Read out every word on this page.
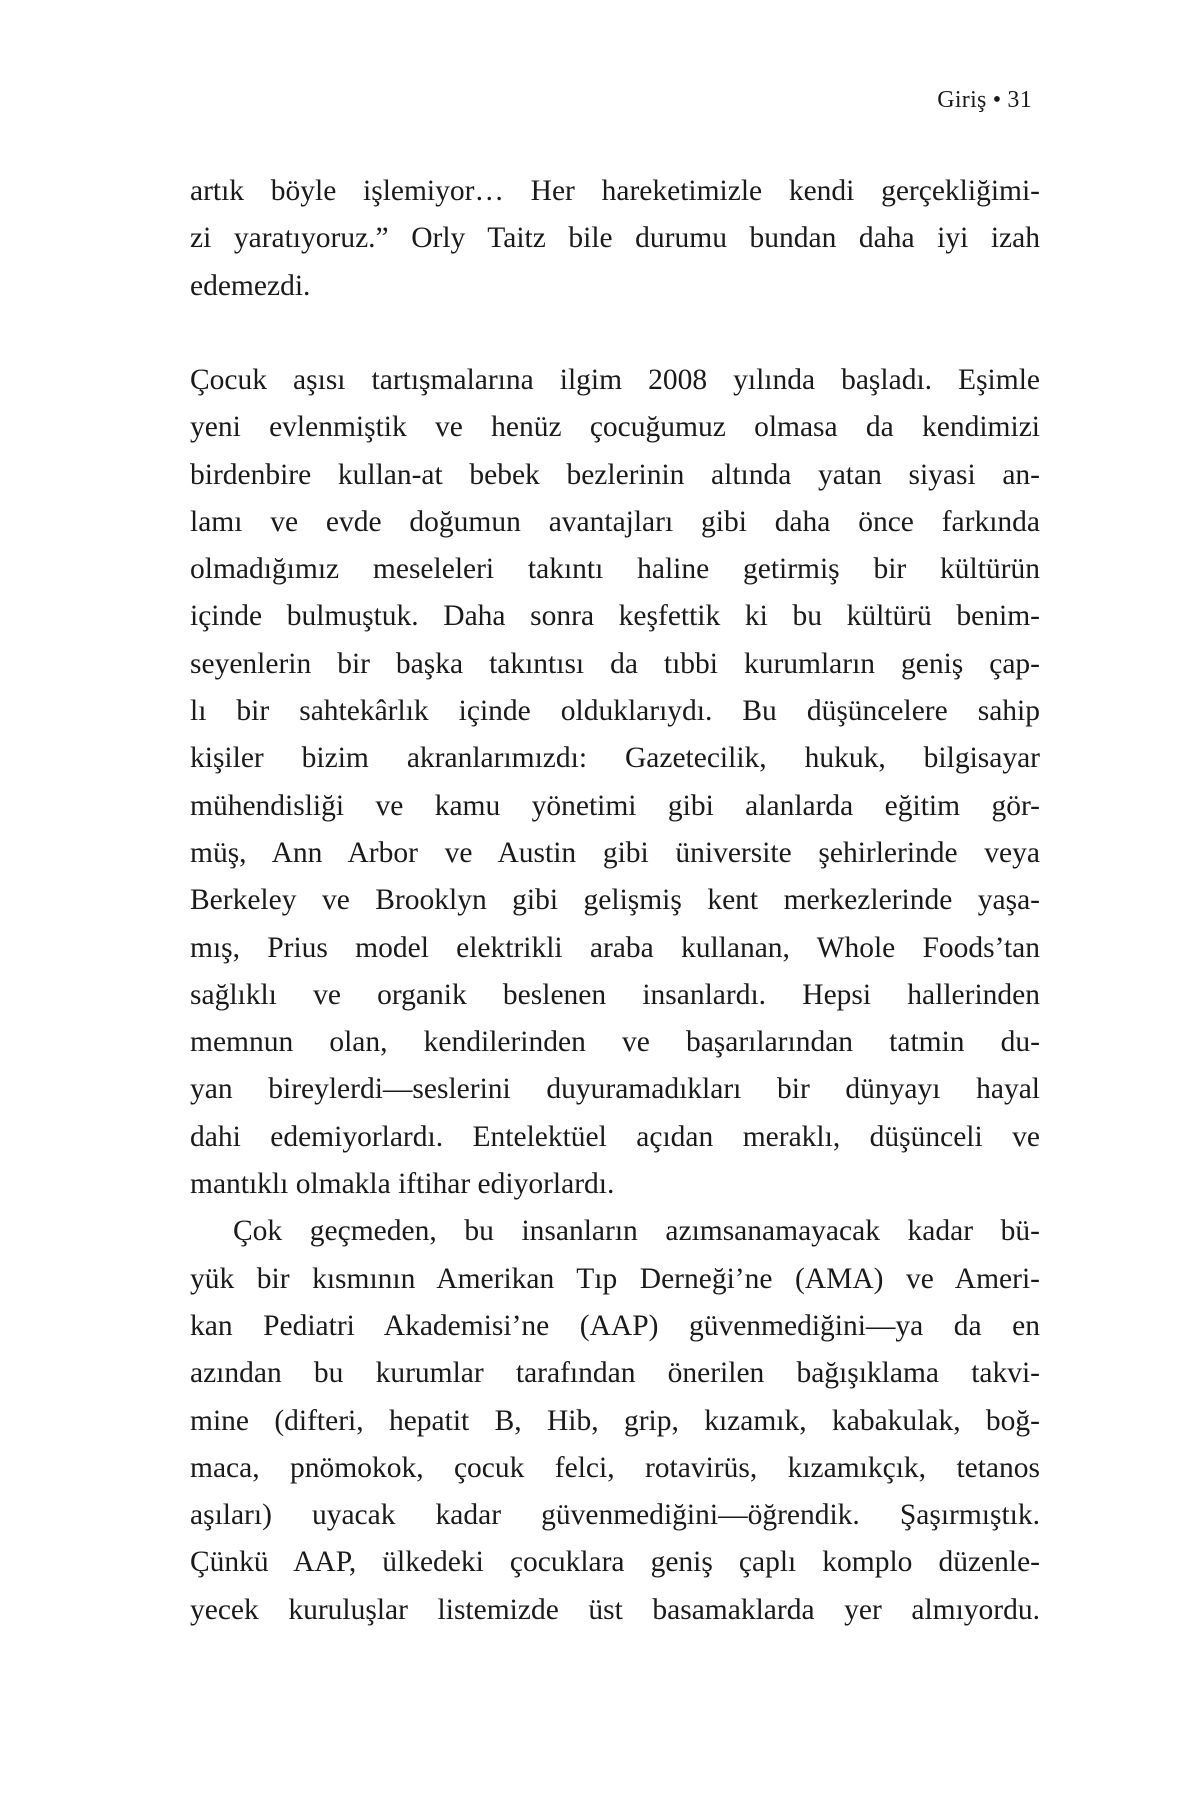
Giriş • 31
artık böyle işlemiyor… Her hareketimizle kendi gerçekliğimi-
zi yaratıyoruz.” Orly Taitz bile durumu bundan daha iyi izah
edemezdi.
Çocuk aşısı tartışmalarına ilgim 2008 yılında başladı. Eşimle
yeni evlenmiştik ve henüz çocuğumuz olmasa da kendimizi
birdenbire kullan-at bebek bezlerinin altında yatan siyasi an-
lamı ve evde doğumun avantajları gibi daha önce farkında
olmadığımız meseleleri takıntı haline getirmiş bir kültürün
içinde bulmuştuk. Daha sonra keşfettik ki bu kültürü benim-
seyenlerin bir başka takıntısı da tıbbi kurumların geniş çap-
lı bir sahtekârlık içinde olduklarıydı. Bu düşüncelere sahip
kişiler bizim akranlarımızdı: Gazetecilik, hukuk, bilgisayar
mühendisliği ve kamu yönetimi gibi alanlarda eğitim gör-
müş, Ann Arbor ve Austin gibi üniversite şehirlerinde veya
Berkeley ve Brooklyn gibi gelişmiş kent merkezlerinde yaşa-
mış, Prius model elektrikli araba kullanan, Whole Foods’tan
sağlıklı ve organik beslenen insanlardı. Hepsi hallerinden
memnun olan, kendilerinden ve başarılarından tatmin du-
yan bireylerdi—seslerini duyuramadıkları bir dünyayı hayal
dahi edemiyorlardı. Entelektüel açıdan meraklı, düşünceli ve
mantıklı olmakla iftihar ediyorlardı.
Çok geçmeden, bu insanların azımsanamayacak kadar bü-
yük bir kısmının Amerikan Tıp Derneği’ne (AMA) ve Ameri-
kan Pediatri Akademisi’ne (AAP) güvenmediğini—ya da en
azından bu kurumlar tarafından önerilen bağışıklama takvi-
mine (difteri, hepatit B, Hib, grip, kızamık, kabakulak, boğ-
maca, pnömokok, çocuk felci, rotavirüs, kızamıkçık, tetanos
aşıları) uyacak kadar güvenmediğini—öğrendik. Şaşırmıştık.
Çünkü AAP, ülkedeki çocuklara geniş çaplı komplo düzenle-
yecek kuruluşlar listemizde üst basamaklarda yer almıyordu.
